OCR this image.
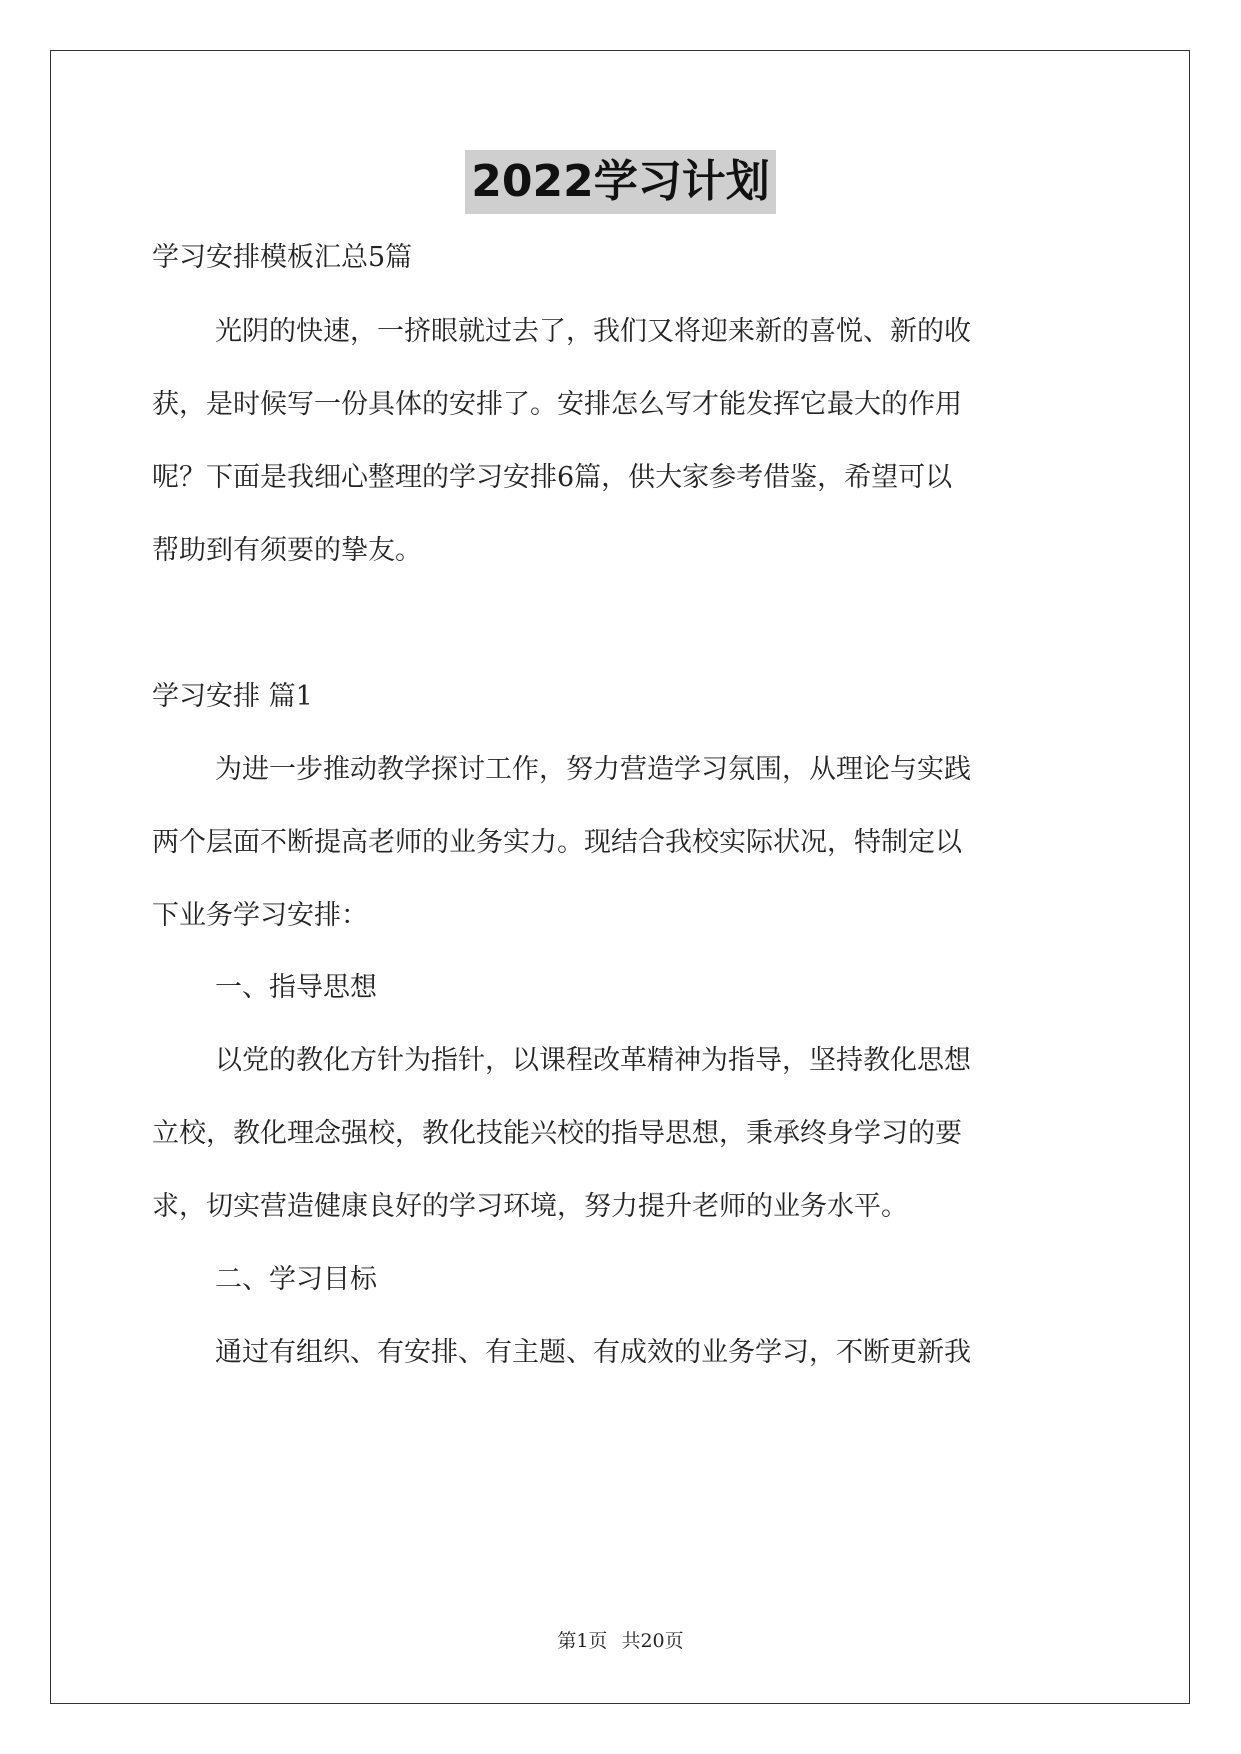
2022学习计划
学习安排模板汇总5篇
光阴的快速，一挤眼就过去了，我们又将迎来新的喜悦、新的收
获，是时候写一份具体的安排了。安排怎么写才能发挥它最大的作用
呢？下面是我细心整理的学习安排6篇，供大家参考借鉴，希望可以
帮助到有须要的挚友。
学习安排 篇1
为进一步推动教学探讨工作，努力营造学习氛围，从理论与实践
两个层面不断提高老师的业务实力。现结合我校实际状况，特制定以
下业务学习安排：
一、指导思想
以党的教化方针为指针，以课程改革精神为指导，坚持教化思想
立校，教化理念强校，教化技能兴校的指导思想，秉承终身学习的要
求，切实营造健康良好的学习环境，努力提升老师的业务水平。
二、学习目标
通过有组织、有安排、有主题、有成效的业务学习，不断更新我
第1页 共20页
